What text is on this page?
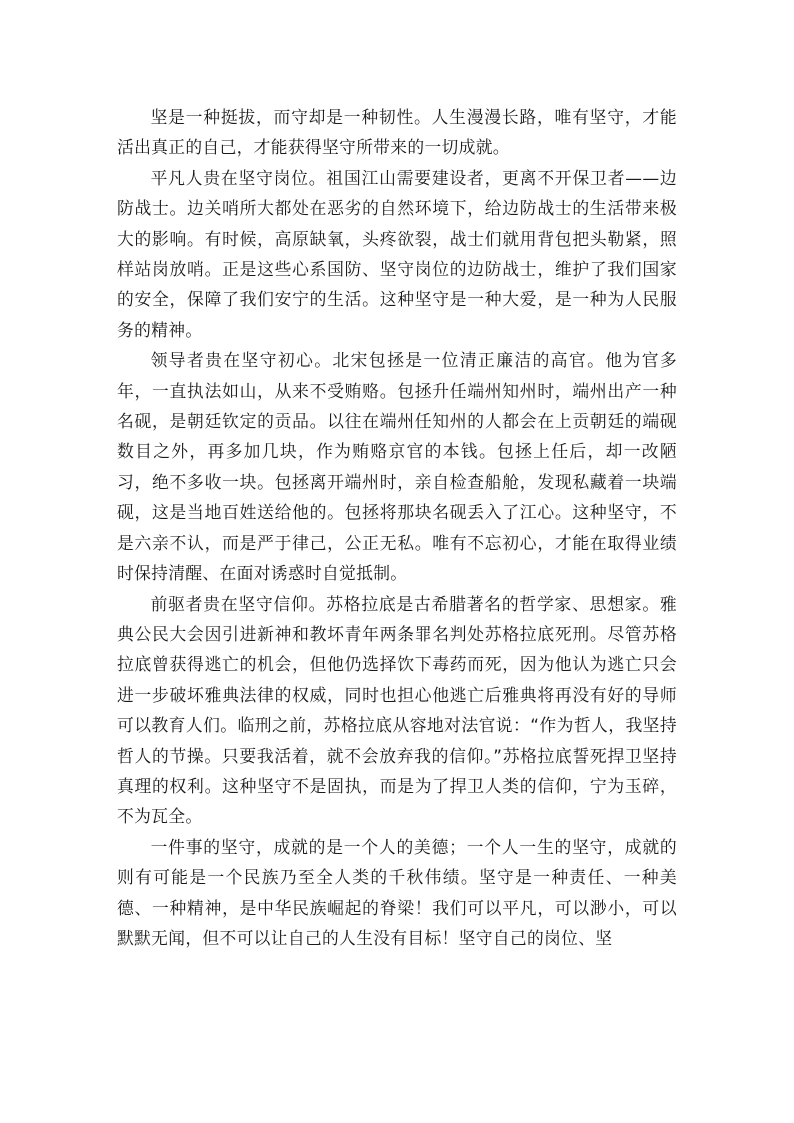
坚是一种挺拔，而守却是一种韧性。人生漫漫长路，唯有坚守，才能活出真正的自己，才能获得坚守所带来的一切成就。

平凡人贵在坚守岗位。祖国江山需要建设者，更离不开保卫者——边防战士。边关哨所大都处在恶劣的自然环境下，给边防战士的生活带来极大的影响。有时候，高原缺氧，头疼欲裂，战士们就用背包把头勒紧，照样站岗放哨。正是这些心系国防、坚守岗位的边防战士，维护了我们国家的安全，保障了我们安宁的生活。这种坚守是一种大爱，是一种为人民服务的精神。

领导者贵在坚守初心。北宋包拯是一位清正廉洁的高官。他为官多年，一直执法如山，从来不受贿赂。包拯升任端州知州时，端州出产一种名砚，是朝廷钦定的贡品。以往在端州任知州的人都会在上贡朝廷的端砚数目之外，再多加几块，作为贿赂京官的本钱。包拯上任后，却一改陋习，绝不多收一块。包拯离开端州时，亲自检查船舱，发现私藏着一块端砚，这是当地百姓送给他的。包拯将那块名砚丢入了江心。这种坚守，不是六亲不认，而是严于律己，公正无私。唯有不忘初心，才能在取得业绩时保持清醒、在面对诱惑时自觉抵制。

前驱者贵在坚守信仰。苏格拉底是古希腊著名的哲学家、思想家。雅典公民大会因引进新神和教坏青年两条罪名判处苏格拉底死刑。尽管苏格拉底曾获得逃亡的机会，但他仍选择饮下毒药而死，因为他认为逃亡只会进一步破坏雅典法律的权威，同时也担心他逃亡后雅典将再没有好的导师可以教育人们。临刑之前，苏格拉底从容地对法官说：“作为哲人，我坚持哲人的节操。只要我活着，就不会放弃我的信仰。”苏格拉底誓死捍卫坚持真理的权利。这种坚守不是固执，而是为了捍卫人类的信仰，宁为玉碎，不为瓦全。

一件事的坚守，成就的是一个人的美德；一个人一生的坚守，成就的则有可能是一个民族乃至全人类的千秋伟绩。坚守是一种责任、一种美德、一种精神，是中华民族崛起的脊梁！我们可以平凡，可以渺小，可以默默无闻，但不可以让自己的人生没有目标！坚守自己的岗位、坚
